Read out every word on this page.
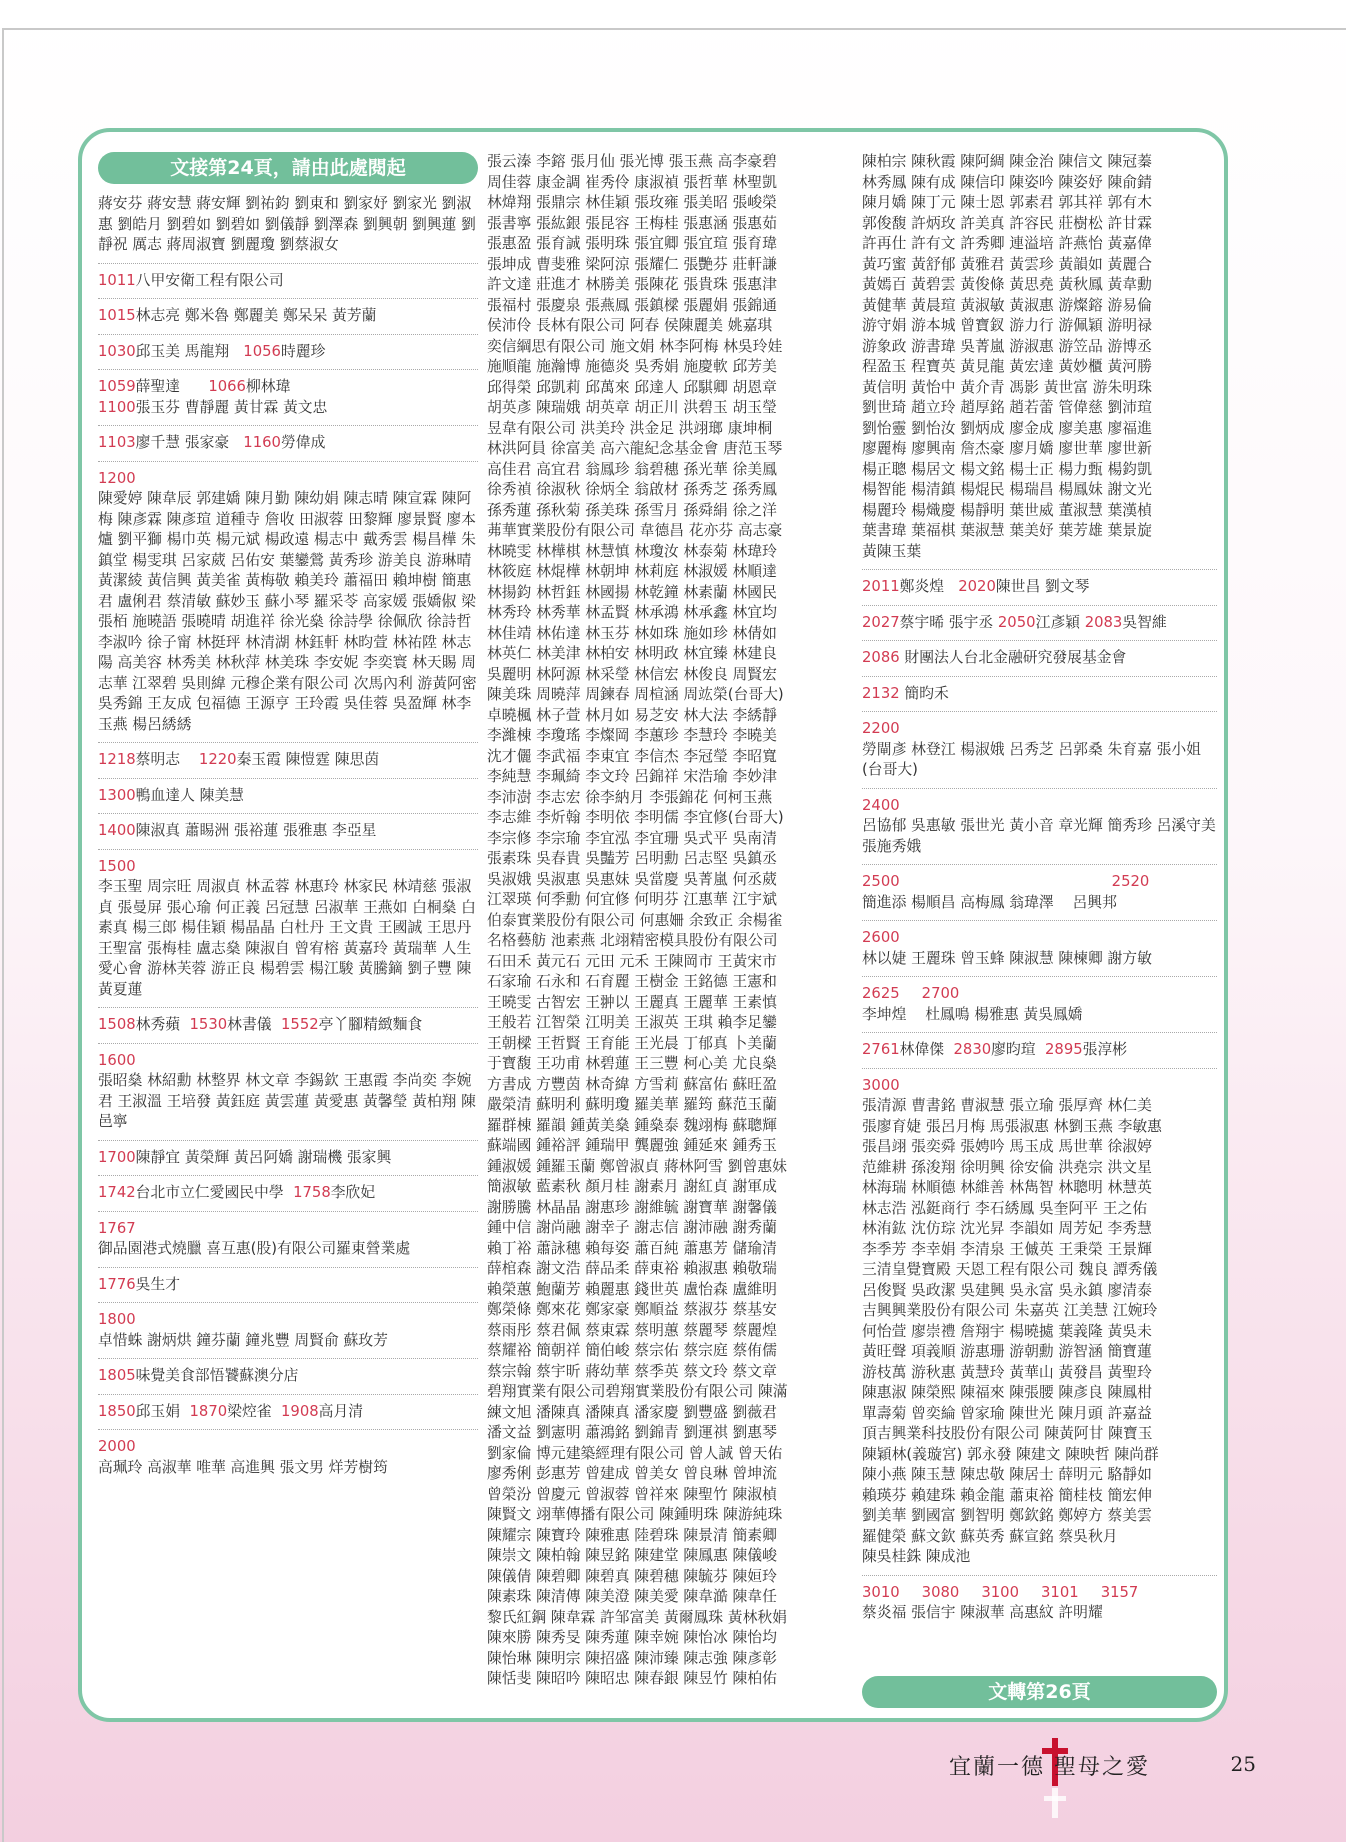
文接第24頁，請由此處閱起
蔣安芬 蔣安慧 蔣安輝 劉祐鈞 劉東和 劉家妤 劉家光 劉淑惠 劉皓月 劉碧如 劉碧如 劉儀靜 劉澤森 劉興朝 劉興蓮 劉靜祝 厲志 蔣周淑寶 劉麗瓊 劉蔡淑女
1011八甲安衛工程有限公司
1015林志亮 鄭米魯 鄭麗美 鄭呆呆 黃芳蘭
1030邱玉美 馬龍翔 1056時麗珍
1059薛聖達 1066柳林瑋
1100張玉芬 曹靜麗 黃甘霖 黃文忠
1103廖千慧 張家豪 1160勞偉成
1200
陳愛婷 陳韋辰 郭建嬌 陳月勤 陳幼娟 陳志晴 陳宣霖 陳阿梅 陳彥霖 陳彥瑄 道種寺 詹收 田淑蓉 田黎輝 廖景賢 廖本爐 劉平獅 楊巾英 楊元斌 楊政遠 楊志中 戴秀雲 楊昌樺 朱鎮堂 楊雯琪 呂家葳 呂佑安 葉鑾鶯 黃秀珍 游美良 游琳晴 黃潔綾 黃信興 黃美雀 黃梅敬 賴美玲 蕭福田 賴坤樹 簡惠君 盧俐君 蔡清敏 蘇妙玉 蘇小琴 羅采苓 高家媛 張嬌俶 梁張栢 施曉語 張曉晴 胡進祥 徐光燊 徐詩學 徐佩欣 徐詩哲 李淑吟 徐子甯 林挺玶 林清湖 林鈺軒 林昀萱 林祐陞 林志陽 高美容 林秀美 林秋萍 林美珠 李安妮 李奕寰 林天賜 周志華 江翠碧 吳則緯 元穆企業有限公司 次馬內利 游黃阿密 吳秀錦 王友成 包福德 王源亨 王玲霞 吳佳蓉 吳盈輝 林李玉燕 楊呂綉綉
1218蔡明志 1220秦玉霞 陳愷霆 陳思茵
1300鴨血達人 陳美慧
1400陳淑真 蕭睗洲 張裕蓮 張雅惠 李亞星
1500
李玉聖 周宗旺 周淑貞 林孟蓉 林惠玲 林家民 林靖慈 張淑貞 張曼屏 張心瑜 何正義 呂冠慧 呂淑華 王燕如 白桐燊 白素真 楊三郎 楊佳穎 楊晶晶 白杜丹 王文貴 王國誠 王思丹 王聖富 張梅桂 盧志燊 陳淑自 曾宥榕 黃嘉玲 黃瑞華 人生愛心會 游林芙蓉 游正良 楊碧雲 楊江駿 黃騰鏑 劉子豐 陳黃夏蓮
1508林秀蘋 1530林書儀 1552亭丫腳精緻麵食
1600
張昭燊 林紹勳 林整界 林文章 李錫欽 王惠霞 李尚奕 李婉君 王淑溫 王培發 黃鈺庭 黃雲蓮 黃愛惠 黃馨瑩 黃柏翔 陳邑寧
1700陳靜宜 黃榮輝 黃呂阿嬌 謝瑞機 張家興
1742台北市立仁愛國民中學 1758李欣妃
1767
御品園港式燒臘 喜互惠(股)有限公司羅東營業處
1776吳生才
1800
卓惜蛛 謝炳烘 鐘芬蘭 鐘兆豐 周賢俞 蘇玫芳
1805味覺美食部悟饕蘇澳分店
1850邱玉娟 1870梁焢雀 1908高月清
2000
高珮玲 高淑華 唯華 高進興 張文男 烊芳樹筠
張云溱 李鎔 張月仙 張光博 張玉燕 高李豪碧
周佳蓉 康金調 崔秀伶 康淑禎 張哲華 林聖凱
林煒翔 張鼎宗 林佳穎 張玫雍 張美昭 張峻榮
張書寧 張紘銀 張昆容 王梅桂 張惠涵 張惠茹
張惠盈 張育誠 張明珠 張宜卿 張宜瑄 張育瑋
張坤成 曹斐雅 梁阿涼 張耀仁 張艷芬 莊軒謙
許文達 莊進才 林勝美 張陳花 張貴珠 張惠津
張福村 張慶泉 張燕鳳 張鎮樑 張麗娟 張錦通
侯沛伶 長林有限公司 阿春 侯陳麗美 姚嘉琪
奕信綱思有限公司 施文娟 林李阿梅 林吳玲娃
施順龍 施瀚博 施德炎 吳秀娟 施慶軟 邱芳美
邱得榮 邱凱莉 邱萬來 邱達人 邱騏卿 胡恩章
胡英彥 陳瑞娥 胡英章 胡正川 洪碧玉 胡玉瑩
昱韋有限公司 洪美玲 洪金足 洪翊瑯 康坤桐
林洪阿員 徐富美 高六龍紀念基金會 唐范玉琴
高佳君 高宜君 翁鳳珍 翁碧穗 孫光華 徐美鳳
徐秀禎 徐淑秋 徐炳全 翁啟材 孫秀芝 孫秀鳳
孫秀蓮 孫秋菊 孫美珠 孫雪月 孫舜絹 徐之洋
茀華實業股份有限公司 韋德昌 花亦芬 高志豪
林曉雯 林樺棋 林慧慎 林瓊汝 林泰菊 林瑋玲
林筱庭 林焜樺 林朝坤 林莉庭 林淑媛 林順達
林揚鈞 林哲鈺 林國揚 林乾鐘 林素蘭 林國民
林秀玲 林秀華 林孟賢 林承鴻 林承鑫 林宜均
林佳靖 林佑達 林玉芬 林如珠 施如珍 林倩如
林英仁 林美津 林柏安 林明政 林宜臻 林建良
吳麗明 林阿源 林采瑩 林信宏 林俊良 周賢宏
陳美珠 周曉萍 周鍊春 周楦涵 周竑榮(台哥大)
卓曉楓 林子萱 林月如 易芝安 林大法 李綉靜
李濰棟 李瓊瑤 李燦岡 李蕙珍 李慧玲 李曉美
沈才儷 李武福 李東宜 李信杰 李冠瑩 李昭寬
李純慧 李珮綺 李文玲 呂錦祥 宋浩瑜 李妙津
李沛澍 李志宏 徐李納月 李張錦花 何柯玉燕
李志維 李炘翰 李明依 李明儒 李宜修(台哥大)
李宗修 李宗瑜 李宜泓 李宜珊 吳式平 吳南清
張素珠 吳春貴 吳豔芳 呂明勳 呂志堅 吳鎮丞
吳淑娥 吳淑惠 吳惠妹 吳當慶 吳菁嵐 何丞葳
江翠瑛 何季勳 何宜修 何明芬 江惠華 江宇斌
伯泰實業股份有限公司 何惠姍 余致正 余楊雀
名格藝舫 池素燕 北翊精密模具股份有限公司
石田禾 黃元石 元田 元禾 王陳岡市 王黃宋市
石家瑜 石永和 石育麗 王樹金 王銘德 王憲和
王曉雯 古智宏 王翀以 王麗真 王麗華 王素慎
王般若 江智榮 江明美 王淑英 王琪 賴李足鑾
王朝樑 王哲賢 王育能 王光晨 丁郁真 卜美蘭
于寶馥 王功甫 林碧蓮 王三豐 柯心美 尤良燊
方書成 方豐茵 林奇緯 方雪莉 蘇富佑 蘇旺盈
嚴榮清 蘇明利 蘇明瓊 羅美華 羅筠 蘇范玉蘭
羅群棟 羅韻 鍾黃美燊 鍾燊泰 魏翊梅 蘇聰輝
蘇端國 鍾裕評 鍾瑞甲 龔麗強 鍾延來 鍾秀玉
鍾淑媛 鍾羅玉蘭 鄭曾淑貞 蔣林阿雪 劉曾惠妹
簡淑敏 藍素秋 顏月桂 謝素月 謝紅貞 謝軍成
謝勝騰 林晶晶 謝惠珍 謝維毓 謝寶華 謝馨儀
鍾中信 謝尚融 謝幸子 謝志信 謝沛融 謝秀蘭
賴丁裕 蕭詠穗 賴每姿 蕭百純 蕭惠芳 儲瑜清
薛棺森 謝文浩 薛品柔 薛東裕 賴淑惠 賴敬瑞
賴榮蕙 鮑蘭芳 賴麗惠 錢世英 盧怡森 盧維明
鄭榮條 鄭來花 鄭家豪 鄭順益 蔡淑芬 蔡基安
蔡雨彤 蔡君佩 蔡東霖 蔡明蕙 蔡麗琴 蔡麗煌
蔡耀裕 簡朝祥 簡伯峻 蔡宗佑 蔡宗庭 蔡侑儒
蔡宗翰 蔡宇昕 蔣幼華 蔡季英 蔡文玲 蔡文章
碧翔實業有限公司碧翔實業股份有限公司 陳滿
練文旭 潘陳真 潘陳真 潘家慶 劉豐盛 劉薇君
潘文益 劉憲明 蕭鴻銘 劉錦青 劉運祺 劉惠琴
劉家倫 博元建築經理有限公司 曾人誠 曾天佑
廖秀俐 彭惠芳 曾建成 曾美女 曾良琳 曾坤流
曾榮汾 曾慶元 曾淑蓉 曾祥來 陳聖竹 陳淑楨
陳賢文 翊華傳播有限公司 陳鍾明珠 陳游純珠
陳耀宗 陳寶玲 陳雅惠 陸碧珠 陳景清 簡素卿
陳崇文 陳柏翰 陳昱銘 陳建堂 陳鳳惠 陳儀峻
陳儀倩 陳碧卿 陳碧真 陳碧穗 陳毓芬 陳姮玲
陳素珠 陳清傳 陳美澄 陳美愛 陳韋澔 陳韋任
黎氏紅鋼 陳韋霖 許邹富美 黃爾鳳珠 黃林秋娟
陳來勝 陳秀旻 陳秀蓮 陳幸婉 陳怡冰 陳怡均
陳怡琳 陳明宗 陳招盛 陳沛臻 陳志強 陳彥彰
陳恬斐 陳昭吟 陳昭忠 陳春銀 陳昱竹 陳柏佑
陳柏宗 陳秋霞 陳阿綢 陳金治 陳信文 陳冠蓁
林秀鳳 陳有成 陳信印 陳姿吟 陳姿妤 陳俞錆
陳月嬌 陳丁元 陳士恩 郭素君 郭其祥 郭有木
郭俊馥 許炳玫 許美真 許容民 莊樹松 許甘霖
許再仕 許有文 許秀卿 連溢培 許燕怡 黃嘉偉
黃巧蜜 黃舒郁 黃雅君 黃雲珍 黃韻如 黃麗合
黃嫣百 黃碧雲 黃俊條 黃思堯 黃秋鳳 黃韋勳
黃健華 黃晨瑄 黃淑敏 黃淑惠 游燦鎔 游易倫
游守娟 游本城 曾寶釵 游力行 游佩穎 游明禄
游象政 游書瑋 吳菁嵐 游淑惠 游笠品 游博丞
程盈玉 程寶英 黃見龍 黃宏達 黃妙櫃 黃河勝
黃信明 黃怡中 黃介青 馮影 黃世富 游朱明珠
劉世琦 趙立玲 趙厚銘 趙若蕾 管偉慈 劉沛瑄
劉怡靈 劉怡汝 劉炳成 廖金成 廖美惠 廖福進
廖麗梅 廖興南 詹杰豪 廖月嬌 廖世華 廖世新
楊正聰 楊居文 楊文銘 楊士正 楊力甄 楊鈞凱
楊智能 楊清鎮 楊焜民 楊瑞昌 楊鳳妹 謝文光
楊麗玲 楊熾慶 楊靜明 葉世威 董淑慧 葉漢楨
葉書瑋 葉福棋 葉淑慧 葉美妤 葉芳雄 葉景旋
黃陳玉葉
2011鄭炎煌 2020陳世昌 劉文琴
2027蔡宇晞 張宇丞 2050江彥穎 2083吳智維
2086 財團法人台北金融研究發展基金會
2132 簡昀禾
2200
勞閘彥 林登江 楊淑娥 呂秀芝 呂郭桑 朱育嘉 張小姐(台哥大)
2400
呂協郁 吳惠敏 張世光 黃小音 章光輝 簡秀珍 呂溪守美 張施秀娥
2500	2520
簡進添 楊順昌 高梅鳳 翁瑋澤    呂興邦
2600
林以婕 王麗珠 曾玉蜂 陳淑慧 陳楝卿 謝方敏
2625 2700
李坤煌    杜鳳鳴 楊雅惠 黃吳鳳嬌
2761林偉傑 2830廖昀瑄 2895張淳彬
3000
張清源 曹書銘 曹淑慧 張立瑜 張厚齊 林仁美
張廖育婕 張呂月梅 馬張淑惠 林劉玉燕 李敏惠
張昌翊 張奕舜 張娉吟 馬玉成 馬世華 徐淑婷
范維耕 孫浚翔 徐明興 徐安倫 洪堯宗 洪文星
林海瑞 林順德 林維善 林雋智 林聰明 林慧英
林志浩 泓鋌商行 李石綉鳳 吳奎阿平 王之佑
林洧鈜 沈仿琮 沈光昇 李韻如 周芳妃 李秀慧
李季芳 李幸娟 李清泉 王傶英 王秉榮 王景輝
三清皇覺寶殿 天恩工程有限公司 魏良 譚秀儀
呂俊賢 吳政潔 吳建興 吳永富 吳永鎮 廖清泰
吉興興業股份有限公司 朱嘉英 江美慧 江婉玲
何怡萱 廖崇禮 詹翔宇 楊曉㨿 葉義隆 黃吳未
黃旺聲 項義順 游惠珊 游朝勳 游智涵 簡寶蓮
游枝萬 游秋惠 黃慧玲 黃華山 黃發昌 黃聖玲
陳惠淑 陳榮熙 陳福來 陳張腰 陳彥良 陳鳳柑
單壽菊 曾奕綸 曾家瑜 陳世光 陳月頭 許嘉益
頂吉興業科技股份有限公司 陳黃阿甘 陳寶玉
陳穎林(義璇宮) 郭永發 陳建文 陳映哲 陳尚群
陳小燕 陳玉慧 陳忠敬 陳居士 薛明元 駱靜如
賴瑛芬 賴建珠 賴金龍 蕭東裕 簡桂枝 簡宏伸
劉美華 劉國富 劉智明 鄭欽銘 鄭婷方 蔡美雲
羅健榮 蘇文欽 蘇英秀 蘇宣銘 蔡吳秋月
陳吳桂銖 陳成池
3010 3080 3100 3101 3157
蔡炎福 張信宇 陳淑華 高惠紋 許明耀
文轉第26頁
宜蘭一德 聖母之愛	25
